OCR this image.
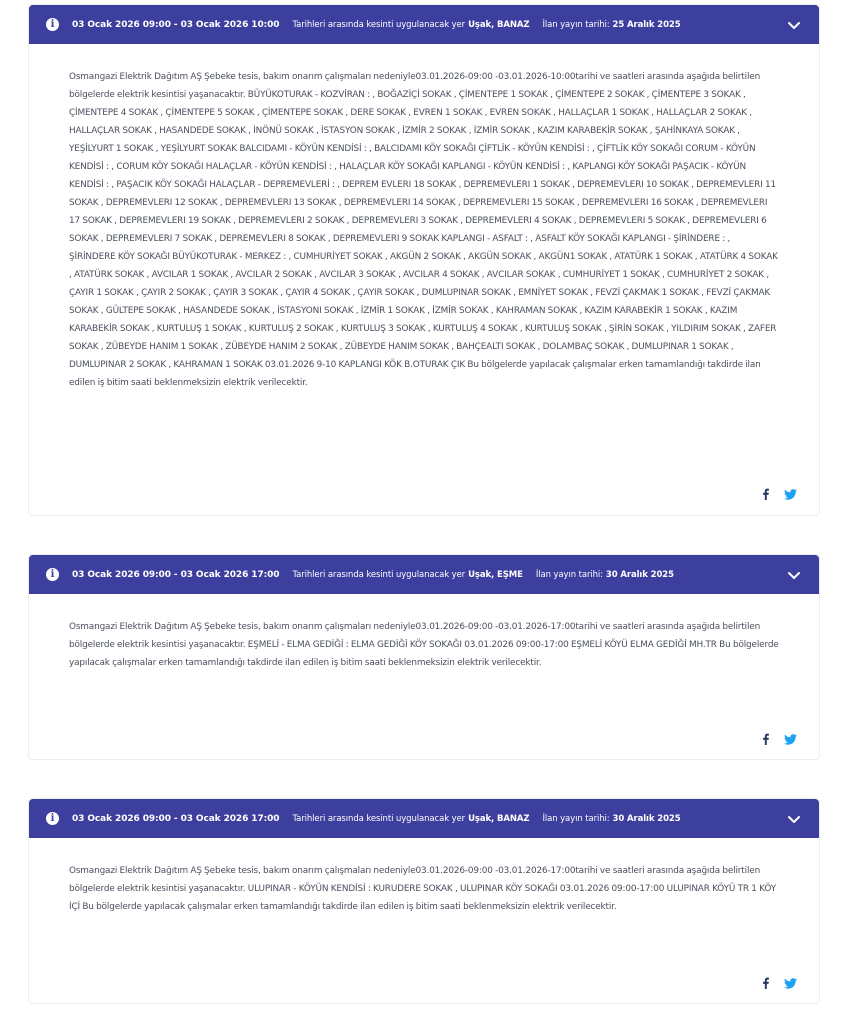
i	03 Ocak 2026 09:00 - 03 Ocak 2026 10:00 Tarihleri arasında kesinti uygulanacak yer Uşak, BANAZ İlan yayın tarihi: 25 Aralık 2025
Osmangazi Elektrik Dağıtım AŞ Şebeke tesis, bakım onarım çalışmaları nedeniyle03.01.2026-09:00 -03.01.2026-10:00tarihi ve saatleri arasında aşağıda belirtilen bölgelerde elektrik kesintisi yaşanacaktır. BÜYÜKOTURAK - KOZVİRAN : , BOĞAZİÇİ SOKAK , ÇİMENTEPE 1 SOKAK , ÇİMENTEPE 2 SOKAK , ÇİMENTEPE 3 SOKAK , ÇİMENTEPE 4 SOKAK , ÇİMENTEPE 5 SOKAK , ÇİMENTEPE SOKAK , DERE SOKAK , EVREN 1 SOKAK , EVREN SOKAK , HALLAÇLAR 1 SOKAK , HALLAÇLAR 2 SOKAK , HALLAÇLAR SOKAK , HASANDEDE SOKAK , İNÖNÜ SOKAK , İSTASYON SOKAK , İZMİR 2 SOKAK , İZMİR SOKAK , KAZIM KARABEKİR SOKAK , ŞAHİNKAYA SOKAK , YEŞİLYURT 1 SOKAK , YEŞİLYURT SOKAK BALCIDAMI - KÖYÜN KENDİSİ : , BALCIDAMI KÖY SOKAĞI ÇİFTLİK - KÖYÜN KENDİSİ : , ÇİFTLİK KÖY SOKAĞI CORUM - KÖYÜN KENDİSİ : , CORUM KÖY SOKAĞI HALAÇLAR - KÖYÜN KENDİSİ : , HALAÇLAR KÖY SOKAĞI KAPLANGI - KÖYÜN KENDİSİ : , KAPLANGI KÖY SOKAĞI PAŞACIK - KÖYÜN KENDİSİ : , PAŞACIK KÖY SOKAĞI HALAÇLAR - DEPREMEVLERİ : , DEPREM EVLERI 18 SOKAK , DEPREMEVLERI 1 SOKAK , DEPREMEVLERI 10 SOKAK , DEPREMEVLERI 11 SOKAK , DEPREMEVLERI 12 SOKAK , DEPREMEVLERI 13 SOKAK , DEPREMEVLERI 14 SOKAK , DEPREMEVLERI 15 SOKAK , DEPREMEVLERI 16 SOKAK , DEPREMEVLERI 17 SOKAK , DEPREMEVLERI 19 SOKAK , DEPREMEVLERI 2 SOKAK , DEPREMEVLERI 3 SOKAK , DEPREMEVLERI 4 SOKAK , DEPREMEVLERI 5 SOKAK , DEPREMEVLERI 6 SOKAK , DEPREMEVLERI 7 SOKAK , DEPREMEVLERI 8 SOKAK , DEPREMEVLERI 9 SOKAK KAPLANGI - ASFALT : , ASFALT KÖY SOKAĞI KAPLANGI - ŞİRİNDERE : , ŞİRİNDERE KÖY SOKAĞI BÜYÜKOTURAK - MERKEZ : , CUMHURİYET SOKAK , AKGÜN 2 SOKAK , AKGÜN SOKAK , AKGÜN1 SOKAK , ATATÜRK 1 SOKAK , ATATÜRK 4 SOKAK , ATATÜRK SOKAK , AVCILAR 1 SOKAK , AVCILAR 2 SOKAK , AVCILAR 3 SOKAK , AVCILAR 4 SOKAK , AVCILAR SOKAK , CUMHURİYET 1 SOKAK , CUMHURİYET 2 SOKAK , ÇAYIR 1 SOKAK , ÇAYIR 2 SOKAK , ÇAYIR 3 SOKAK , ÇAYIR 4 SOKAK , ÇAYIR SOKAK , DUMLUPINAR SOKAK , EMNİYET SOKAK , FEVZİ ÇAKMAK 1 SOKAK , FEVZİ ÇAKMAK SOKAK , GÜLTEPE SOKAK , HASANDEDE SOKAK , İSTASYONI SOKAK , İZMİR 1 SOKAK , İZMİR SOKAK , KAHRAMAN SOKAK , KAZIM KARABEKİR 1 SOKAK , KAZIM KARABEKİR SOKAK , KURTULUŞ 1 SOKAK , KURTULUŞ 2 SOKAK , KURTULUŞ 3 SOKAK , KURTULUŞ 4 SOKAK , KURTULUŞ SOKAK , ŞİRİN SOKAK , YILDIRIM SOKAK , ZAFER SOKAK , ZÜBEYDE HANIM 1 SOKAK , ZÜBEYDE HANIM 2 SOKAK , ZÜBEYDE HANIM SOKAK , BAHÇEALTI SOKAK , DOLAMBAÇ SOKAK , DUMLUPINAR 1 SOKAK , DUMLUPINAR 2 SOKAK , KAHRAMAN 1 SOKAK 03.01.2026 9-10 KAPLANGI KÖK B.OTURAK ÇIK Bu bölgelerde yapılacak çalışmalar erken tamamlandığı takdirde ilan edilen iş bitim saati beklenmeksizin elektrik verilecektir.
i	03 Ocak 2026 09:00 - 03 Ocak 2026 17:00 Tarihleri arasında kesinti uygulanacak yer Uşak, EŞME İlan yayın tarihi: 30 Aralık 2025
Osmangazi Elektrik Dağıtım AŞ Şebeke tesis, bakım onarım çalışmaları nedeniyle03.01.2026-09:00 -03.01.2026-17:00tarihi ve saatleri arasında aşağıda belirtilen bölgelerde elektrik kesintisi yaşanacaktır. EŞMELİ - ELMA GEDİĞİ : ELMA GEDİĞİ KÖY SOKAĞI 03.01.2026 09:00-17:00 EŞMELİ KÖYÜ ELMA GEDİĞİ MH.TR Bu bölgelerde yapılacak çalışmalar erken tamamlandığı takdirde ilan edilen iş bitim saati beklenmeksizin elektrik verilecektir.
i	03 Ocak 2026 09:00 - 03 Ocak 2026 17:00 Tarihleri arasında kesinti uygulanacak yer Uşak, BANAZ İlan yayın tarihi: 30 Aralık 2025
Osmangazi Elektrik Dağıtım AŞ Şebeke tesis, bakım onarım çalışmaları nedeniyle03.01.2026-09:00 -03.01.2026-17:00tarihi ve saatleri arasında aşağıda belirtilen bölgelerde elektrik kesintisi yaşanacaktır. ULUPINAR - KÖYÜN KENDİSİ : KURUDERE SOKAK , ULUPINAR KÖY SOKAĞI 03.01.2026 09:00-17:00 ULUPINAR KÖYÜ TR 1 KÖY İÇİ Bu bölgelerde yapılacak çalışmalar erken tamamlandığı takdirde ilan edilen iş bitim saati beklenmeksizin elektrik verilecektir.
